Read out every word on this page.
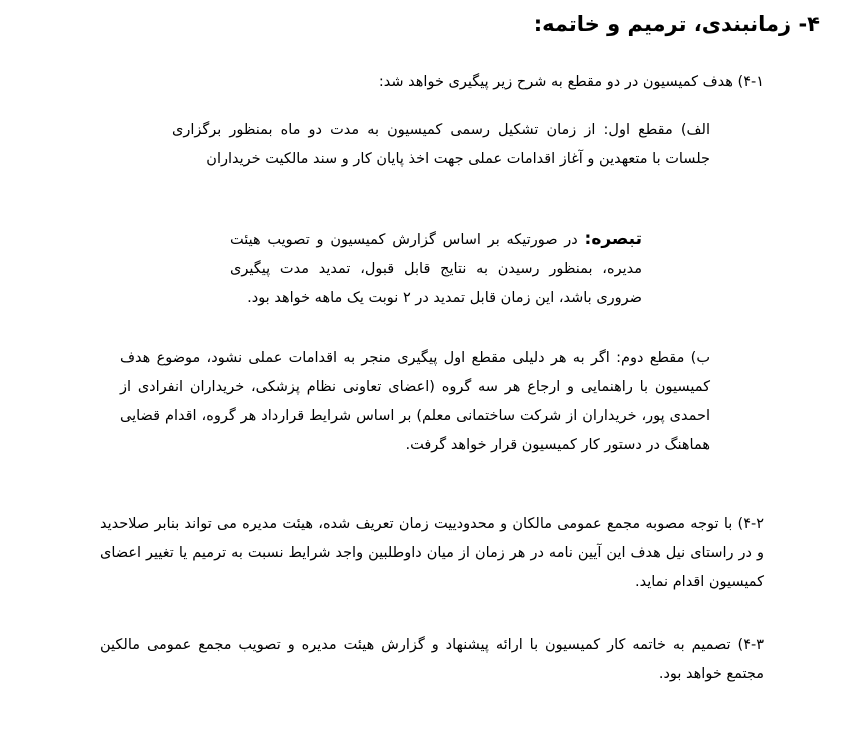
۴- زمانبندی، ترمیم و خاتمه:
۴-۱) هدف کمیسیون در دو مقطع به شرح زیر پیگیری خواهد شد:
الف) مقطع اول: از زمان تشکیل رسمی کمیسیون به مدت دو ماه بمنظور برگزاری جلسات با متعهدین و آغاز اقدامات عملی جهت اخذ پایان کار و سند مالکیت خریداران
تبصره: در صورتیکه بر اساس گزارش کمیسیون و تصویب هیئت مدیره، بمنظور رسیدن به نتایج قابل قبول، تمدید مدت پیگیری ضروری باشد، این زمان قابل تمدید در ۲ نوبت یک ماهه خواهد بود.
ب) مقطع دوم: اگر به هر دلیلی مقطع اول پیگیری منجر به اقدامات عملی نشود، موضوع هدف کمیسیون با راهنمایی و ارجاع هر سه گروه (اعضای تعاونی نظام پزشکی، خریداران انفرادی از احمدی پور، خریداران از شرکت ساختمانی معلم) بر اساس شرایط قرارداد هر گروه، اقدام قضایی هماهنگ در دستور کار کمیسیون قرار خواهد گرفت.
۴-۲) با توجه مصوبه مجمع عمومی مالکان و محدودییت زمان تعریف شده، هیئت مدیره می تواند بنابر صلاحدید و در راستای نیل هدف این آیین نامه در هر زمان از میان داوطلبین واجد شرایط نسبت به ترمیم یا تغییر اعضای کمیسیون اقدام نماید.
۴-۳) تصمیم به خاتمه کار کمیسیون با ارائه پیشنهاد و گزارش هیئت مدیره و تصویب مجمع عمومی مالکین مجتمع خواهد بود.
